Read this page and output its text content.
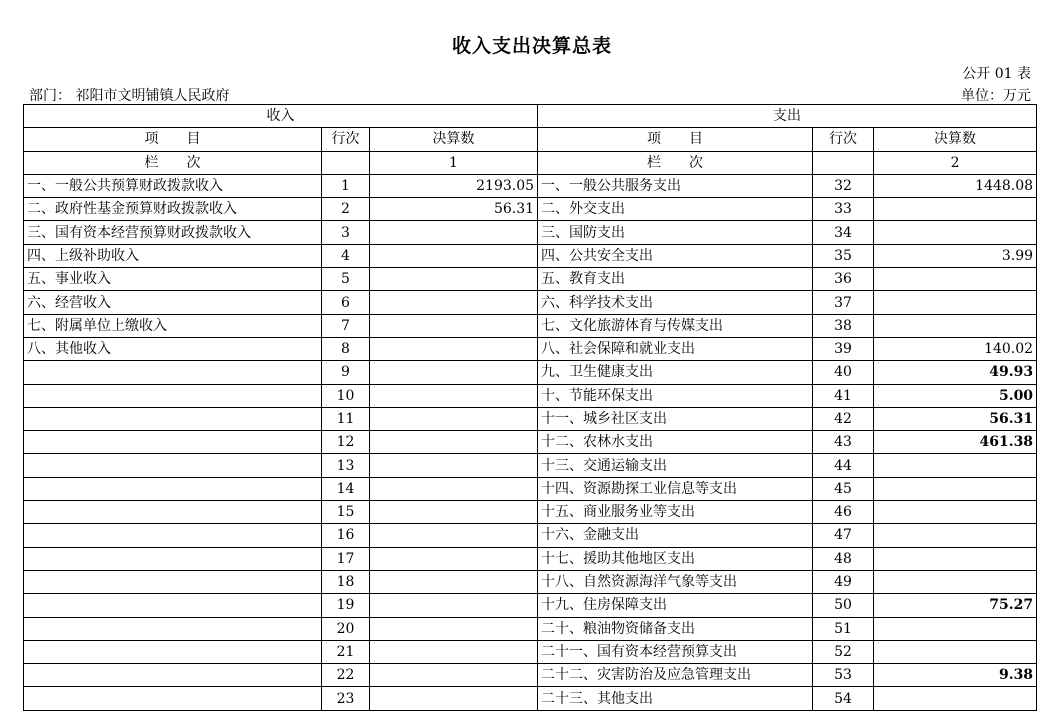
收入支出决算总表
公开 01 表
部门： 祁阳市文明铺镇人民政府	单位：万元
收入			支出		
项　　目	行次	决算数	项　　目	行次	决算数
栏　　次		1	栏　　次		2
一、一般公共预算财政拨款收入	1	2193.05	一、一般公共服务支出	32	1448.08
二、政府性基金预算财政拨款收入	2	56.31	二、外交支出	33	
三、国有资本经营预算财政拨款收入	3		三、国防支出	34	
四、上级补助收入	4		四、公共安全支出	35	3.99
五、事业收入	5		五、教育支出	36	
六、经营收入	6		六、科学技术支出	37	
七、附属单位上缴收入	7		七、文化旅游体育与传媒支出	38	
八、其他收入	8		八、社会保障和就业支出	39	140.02
	9		九、卫生健康支出	40	49.93
	10		十、节能环保支出	41	5.00
	11		十一、城乡社区支出	42	56.31
	12		十二、农林水支出	43	461.38
	13		十三、交通运输支出	44	
	14		十四、资源勘探工业信息等支出	45	
	15		十五、商业服务业等支出	46	
	16		十六、金融支出	47	
	17		十七、援助其他地区支出	48	
	18		十八、自然资源海洋气象等支出	49	
	19		十九、住房保障支出	50	75.27
	20		二十、粮油物资储备支出	51	
	21		二十一、国有资本经营预算支出	52	
	22		二十二、灾害防治及应急管理支出	53	9.38
	23		二十三、其他支出	54	
